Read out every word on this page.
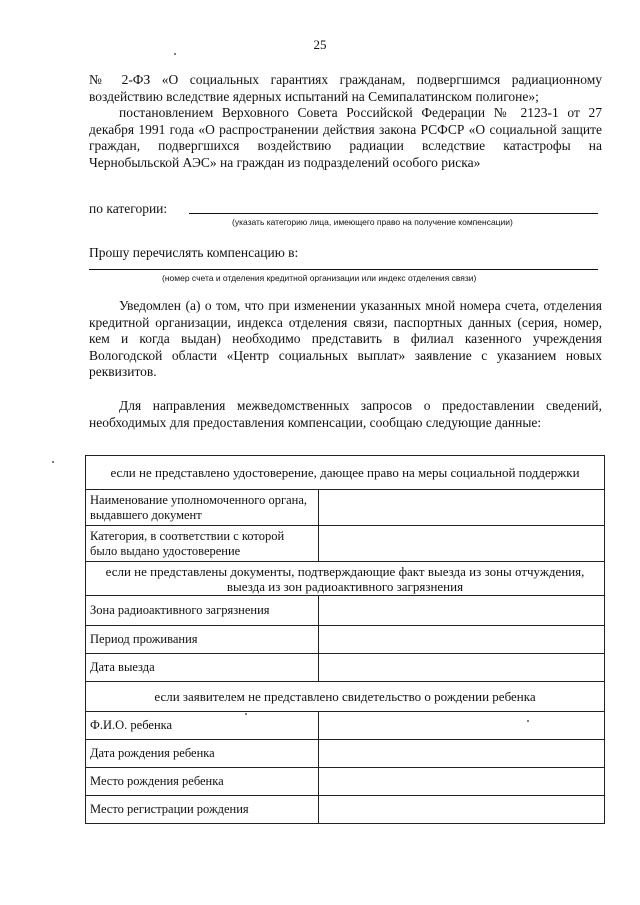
25
№ 2-ФЗ «О социальных гарантиях гражданам, подвергшимся радиационному воздействию вследствие ядерных испытаний на Семипалатинском полигоне»;
постановлением Верховного Совета Российской Федерации № 2123-1 от 27 декабря 1991 года «О распространении действия закона РСФСР «О социальной защите граждан, подвергшихся воздействию радиации вследствие катастрофы на Чернобыльской АЭС» на граждан из подразделений особого риска»
по категории:
(указать категорию лица, имеющего право на получение компенсации)
Прошу перечислять компенсацию в:
(номер счета и отделения кредитной организации или индекс отделения связи)
Уведомлен (а) о том, что при изменении указанных мной номера счета, отделения кредитной организации, индекса отделения связи, паспортных данных (серия, номер, кем и когда выдан) необходимо представить в филиал казенного учреждения Вологодской области «Центр социальных выплат» заявление с указанием новых реквизитов.
Для направления межведомственных запросов о предоставлении сведений, необходимых для предоставления компенсации, сообщаю следующие данные:
если не представлено удостоверение, дающее право на меры социальной поддержки	
Наименование уполномоченного органа, выдавшего документ	
Категория, в соответствии с которой было выдано удостоверение	
если не представлены документы, подтверждающие факт выезда из зоны отчуждения, выезда из зон радиоактивного загрязнения	
Зона радиоактивного загрязнения	
Период проживания	
Дата выезда	
если заявителем не представлено свидетельство о рождении ребенка	
Ф.И.О. ребенка	
Дата рождения ребенка	
Место рождения ребенка	
Место регистрации рождения	
